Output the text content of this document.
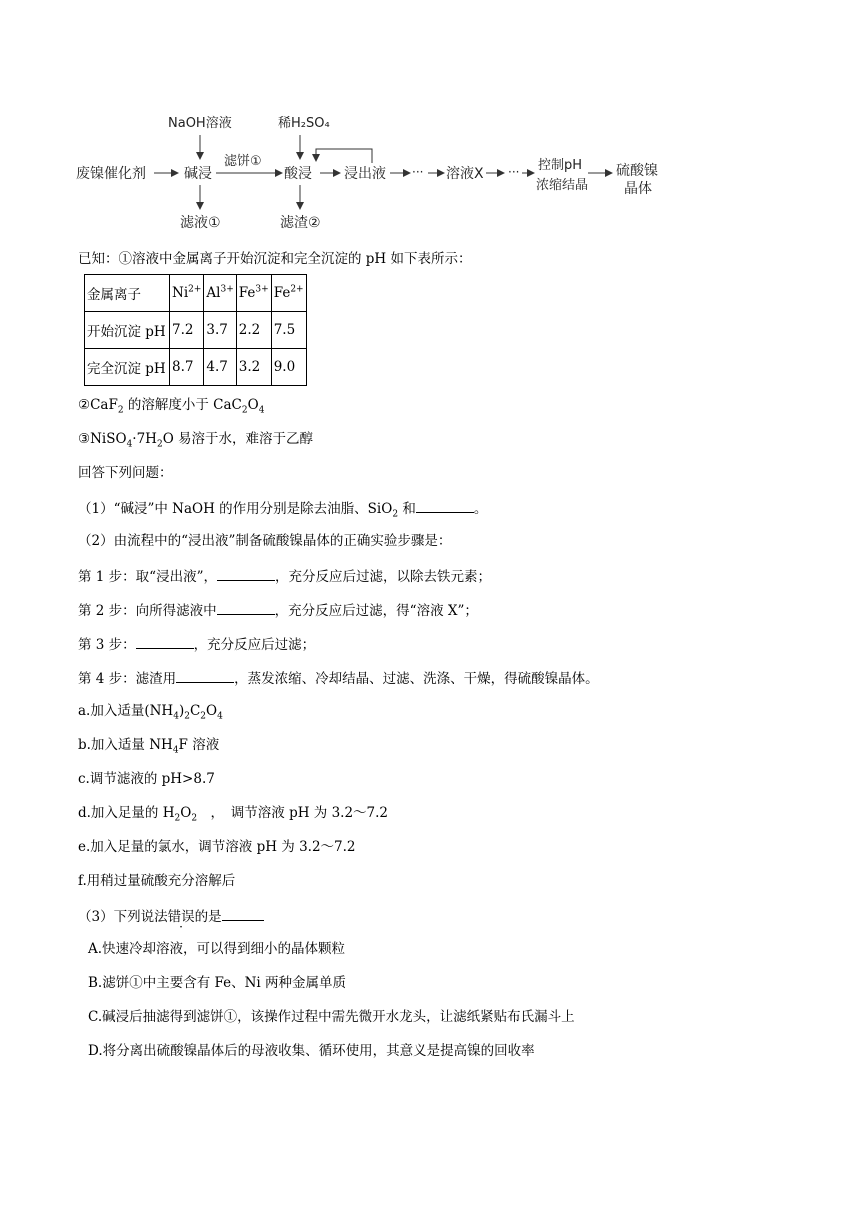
废镍催化剂
NaOH溶液
碱浸
滤液①
滤饼①
稀H₂SO₄
酸浸
滤渣②
浸出液 ··· 溶液X ··· 控制pH
浓缩结晶
硫酸镍
晶体
已知：①溶液中金属离子开始沉淀和完全沉淀的 pH 如下表所示：
金属离子	$Ni^{2+}$	$Al^{3+}$	$Fe^{3+}$	$Fe^{2+}$
开始沉淀 pH	7.2	3.7	2.2	7.5
完全沉淀 pH	8.7	4.7	3.2	9.0
②CaF$_2$ 的溶解度小于 $CaC_2O_4$
$③NiSO_4\cdot 7H_2O$ 易溶于水，难溶于乙醇
回答下列问题：
（1）“碱浸”中 NaOH 的作用分别是除去油脂、SiO$_2$ 和	。
（2）由流程中的“浸出液”制备硫酸镍晶体的正确实验步骤是：
第 1 步：取“浸出液”，	，充分反应后过滤，以除去铁元素；
第 2 步：向所得滤液中	，充分反应后过滤，得“溶液 X”；
第 3 步：	，充分反应后过滤；
第 4 步：滤渣用	，蒸发浓缩、冷却结晶、过滤、洗涤、干燥，得硫酸镍晶体。
a.加入适量$(NH_4)_2C_2O_4$
b.加入适量 $NH_4F$ 溶液
c.调节滤液的 pH>8.7
d.加入足量的 $H_2O_2$　，　调节溶液 pH 为 3.2～7.2
e.加入足量的氯水，调节溶液 pH 为 3.2～7.2
f.用稍过量硫酸充分溶解后
（3）下列说法错误的是
A.快速冷却溶液，可以得到细小的晶体颗粒
B.滤饼①中主要含有 Fe、Ni 两种金属单质
C.碱浸后抽滤得到滤饼①，该操作过程中需先微开水龙头，让滤纸紧贴布氏漏斗上
D.将分离出硫酸镍晶体后的母液收集、循环使用，其意义是提高镍的回收率
